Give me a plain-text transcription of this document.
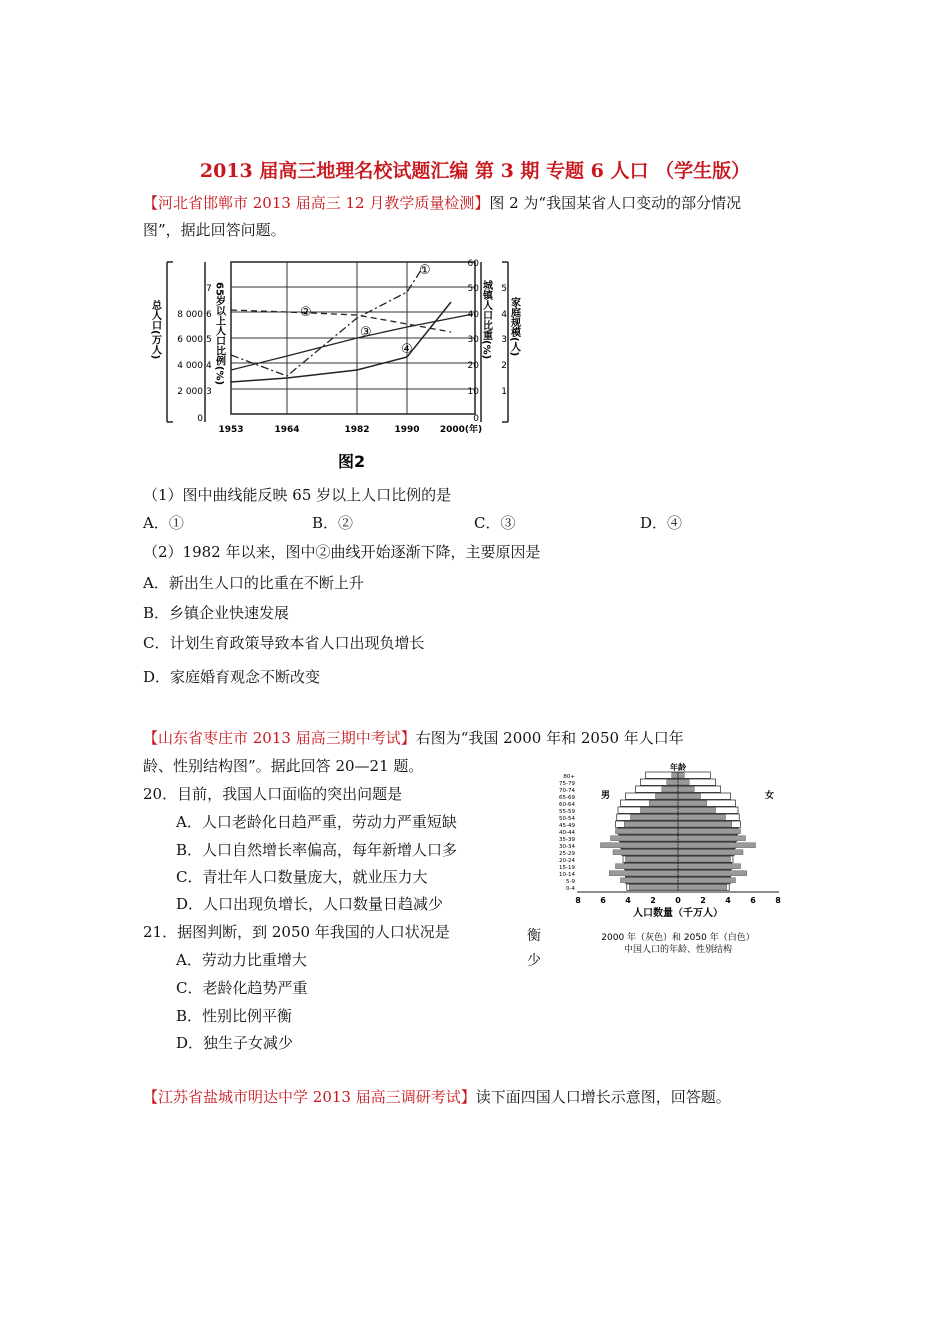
2013 届高三地理名校试题汇编 第 3 期 专题 6 人口 （学生版）
【河北省邯郸市 2013 届高三 12 月教学质量检测】图 2 为“我国某省人口变动的部分情况
图”，据此回答问题。
①
②
③
④
0
2 000
4 000
6 000
8 000
3
4
5
6
7
0
10
20
30
40
50
60
1
2
3
4
5
总人口(万人)	65岁以上人口比例(%)	城镇人口比重(%) 家庭规模(人)
1953	1964	1982	1990 2000(年)
图2
（1）图中曲线能反映 65 岁以上人口比例的是
A．①	B．②	C．③	D．④
（2）1982 年以来，图中②曲线开始逐渐下降，主要原因是
A．新出生人口的比重在不断上升
B．乡镇企业快速发展
C．计划生育政策导致本省人口出现负增长
D．家庭婚育观念不断改变
【山东省枣庄市 2013 届高三期中考试】右图为“我国 2000 年和 2050 年人口年
龄、性别结构图”。据此回答 20—21 题。
20．目前，我国人口面临的突出问题是
A．人口老龄化日趋严重，劳动力严重短缺
B．人口自然增长率偏高，每年新增人口多
C．青壮年人口数量庞大，就业压力大
D．人口出现负增长，人口数量日趋减少
21．据图判断，到 2050 年我国的人口状况是
A．劳动力比重增大
C．老龄化趋势严重
B．性别比例平衡
D．独生子女减少
衡
少
年龄
男	女
80+
75-79
70-74
65-69
60-64
55-59
50-54
45-49
40-44
35-39
30-34
25-29
20-24
15-19
10-14
5-9
0-4
8 6 4 2 0 2 4 6 8
人口数量（千万人）
2000 年（灰色）和 2050 年（白色）
中国人口的年龄、性别结构
【江苏省盐城市明达中学 2013 届高三调研考试】读下面四国人口增长示意图，回答题。
